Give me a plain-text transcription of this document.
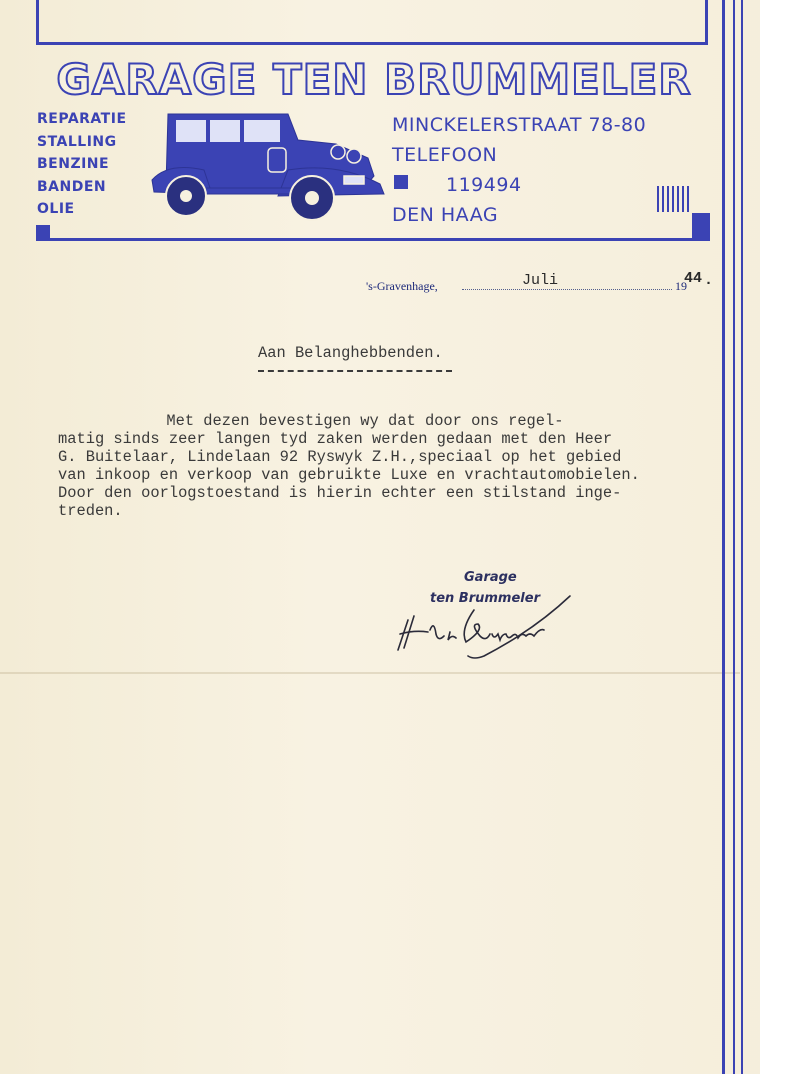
GARAGE TEN BRUMMELER
REPARATIE
STALLING
BENZINE
BANDEN
OLIE
MINCKELERSTRAAT 78-80
TELEFOON
119494
DEN HAAG
's-Gravenhage,	Juli	19
44 .
Aan Belanghebbenden.
Met dezen bevestigen wy dat door ons regel-
matig sinds zeer langen tyd zaken werden gedaan met den Heer
G. Buitelaar, Lindelaan 92 Ryswyk Z.H.,speciaal op het gebied
van inkoop en verkoop van gebruikte Luxe en vrachtautomobielen.
Door den oorlogstoestand is hierin echter een stilstand inge-
treden.
Garage
ten Brummeler
